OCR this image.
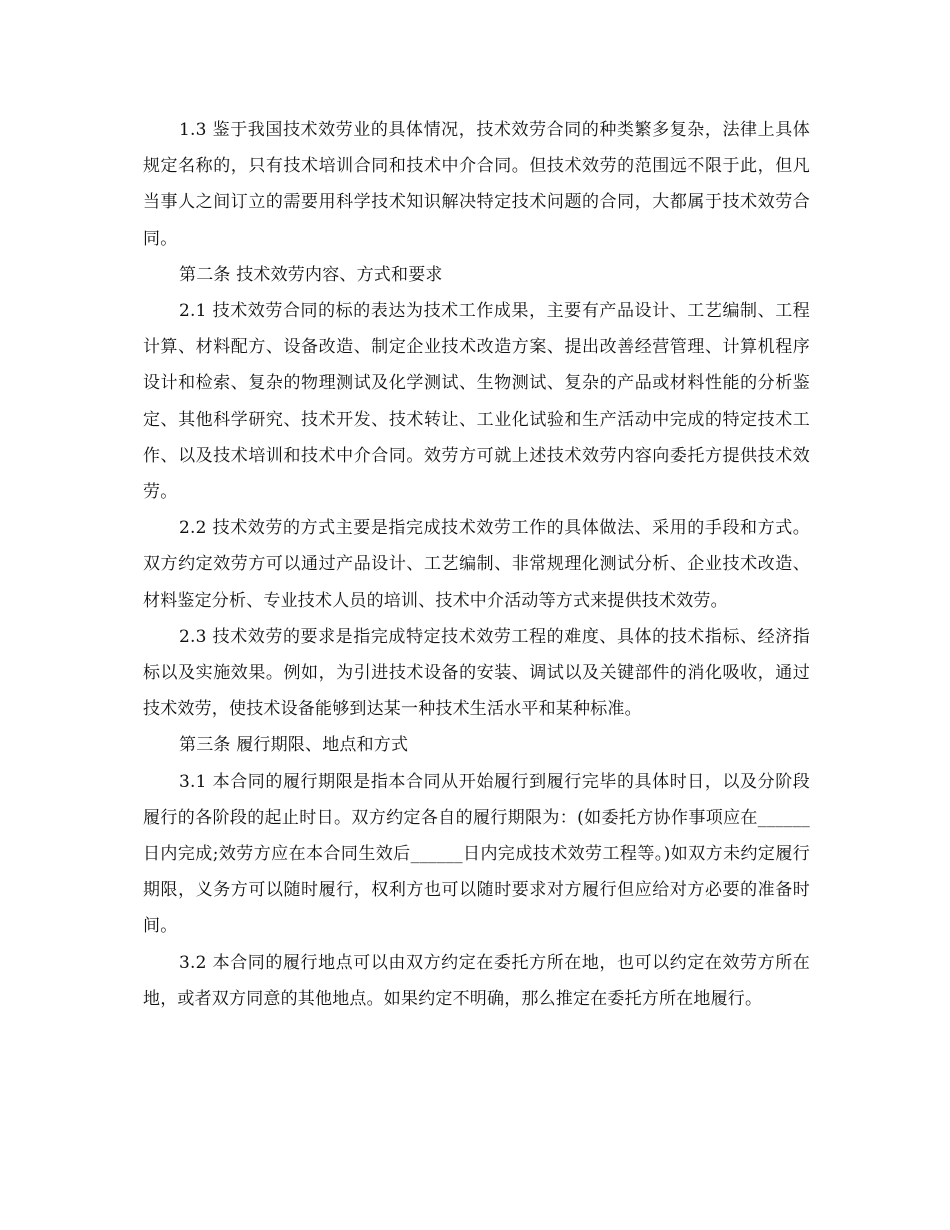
1.3 鉴于我国技术效劳业的具体情况，技术效劳合同的种类繁多复杂，法律上具体规定名称的，只有技术培训合同和技术中介合同。但技术效劳的范围远不限于此，但凡当事人之间订立的需要用科学技术知识解决特定技术问题的合同，大都属于技术效劳合同。

第二条 技术效劳内容、方式和要求

2.1 技术效劳合同的标的表达为技术工作成果，主要有产品设计、工艺编制、工程计算、材料配方、设备改造、制定企业技术改造方案、提出改善经营管理、计算机程序设计和检索、复杂的物理测试及化学测试、生物测试、复杂的产品或材料性能的分析鉴定、其他科学研究、技术开发、技术转让、工业化试验和生产活动中完成的特定技术工作、以及技术培训和技术中介合同。效劳方可就上述技术效劳内容向委托方提供技术效劳。

2.2 技术效劳的方式主要是指完成技术效劳工作的具体做法、采用的手段和方式。双方约定效劳方可以通过产品设计、工艺编制、非常规理化测试分析、企业技术改造、材料鉴定分析、专业技术人员的培训、技术中介活动等方式来提供技术效劳。

2.3 技术效劳的要求是指完成特定技术效劳工程的难度、具体的技术指标、经济指标以及实施效果。例如，为引进技术设备的安装、调试以及关键部件的消化吸收，通过技术效劳，使技术设备能够到达某一种技术生活水平和某种标准。

第三条 履行期限、地点和方式

3.1 本合同的履行期限是指本合同从开始履行到履行完毕的具体时日，以及分阶段履行的各阶段的起止时日。双方约定各自的履行期限为：(如委托方协作事项应在______日内完成;效劳方应在本合同生效后______日内完成技术效劳工程等。)如双方未约定履行期限，义务方可以随时履行，权利方也可以随时要求对方履行但应给对方必要的准备时间。

3.2 本合同的履行地点可以由双方约定在委托方所在地，也可以约定在效劳方所在地，或者双方同意的其他地点。如果约定不明确，那么推定在委托方所在地履行。
